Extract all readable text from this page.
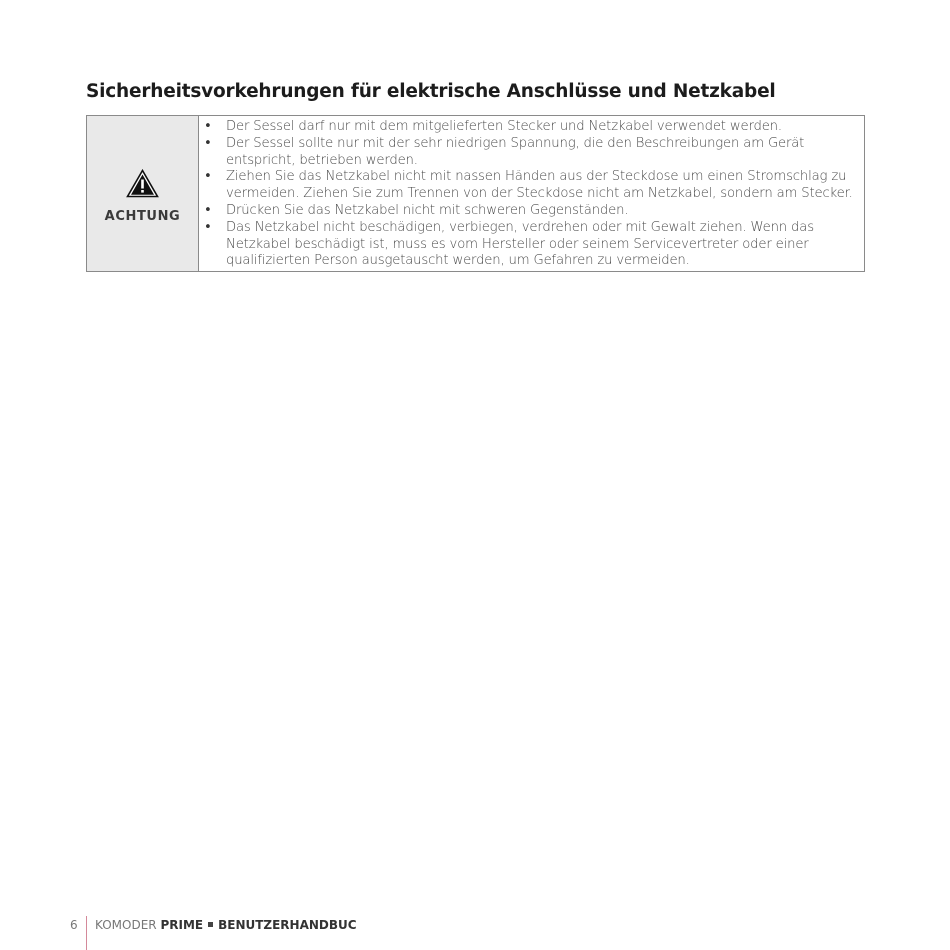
Sicherheitsvorkehrungen für elektrische Anschlüsse und Netzkabel
ACHTUNG
• Der Sessel darf nur mit dem mitgelieferten Stecker und Netzkabel verwendet werden.
• Der Sessel sollte nur mit der sehr niedrigen Spannung, die den Beschreibungen am Gerät entspricht, betrieben werden.
• Ziehen Sie das Netzkabel nicht mit nassen Händen aus der Steckdose um einen Stromschlag zu vermeiden. Ziehen Sie zum Trennen von der Steckdose nicht am Netzkabel, sondern am Stecker.
• Drücken Sie das Netzkabel nicht mit schweren Gegenständen.
• Das Netzkabel nicht beschädigen, verbiegen, verdrehen oder mit Gewalt ziehen. Wenn das Netzkabel beschädigt ist, muss es vom Hersteller oder seinem Servicevertreter oder einer qualifizierten Person ausgetauscht werden, um Gefahren zu vermeiden.
6	KOMODER PRIME BENUTZERHANDBUC
